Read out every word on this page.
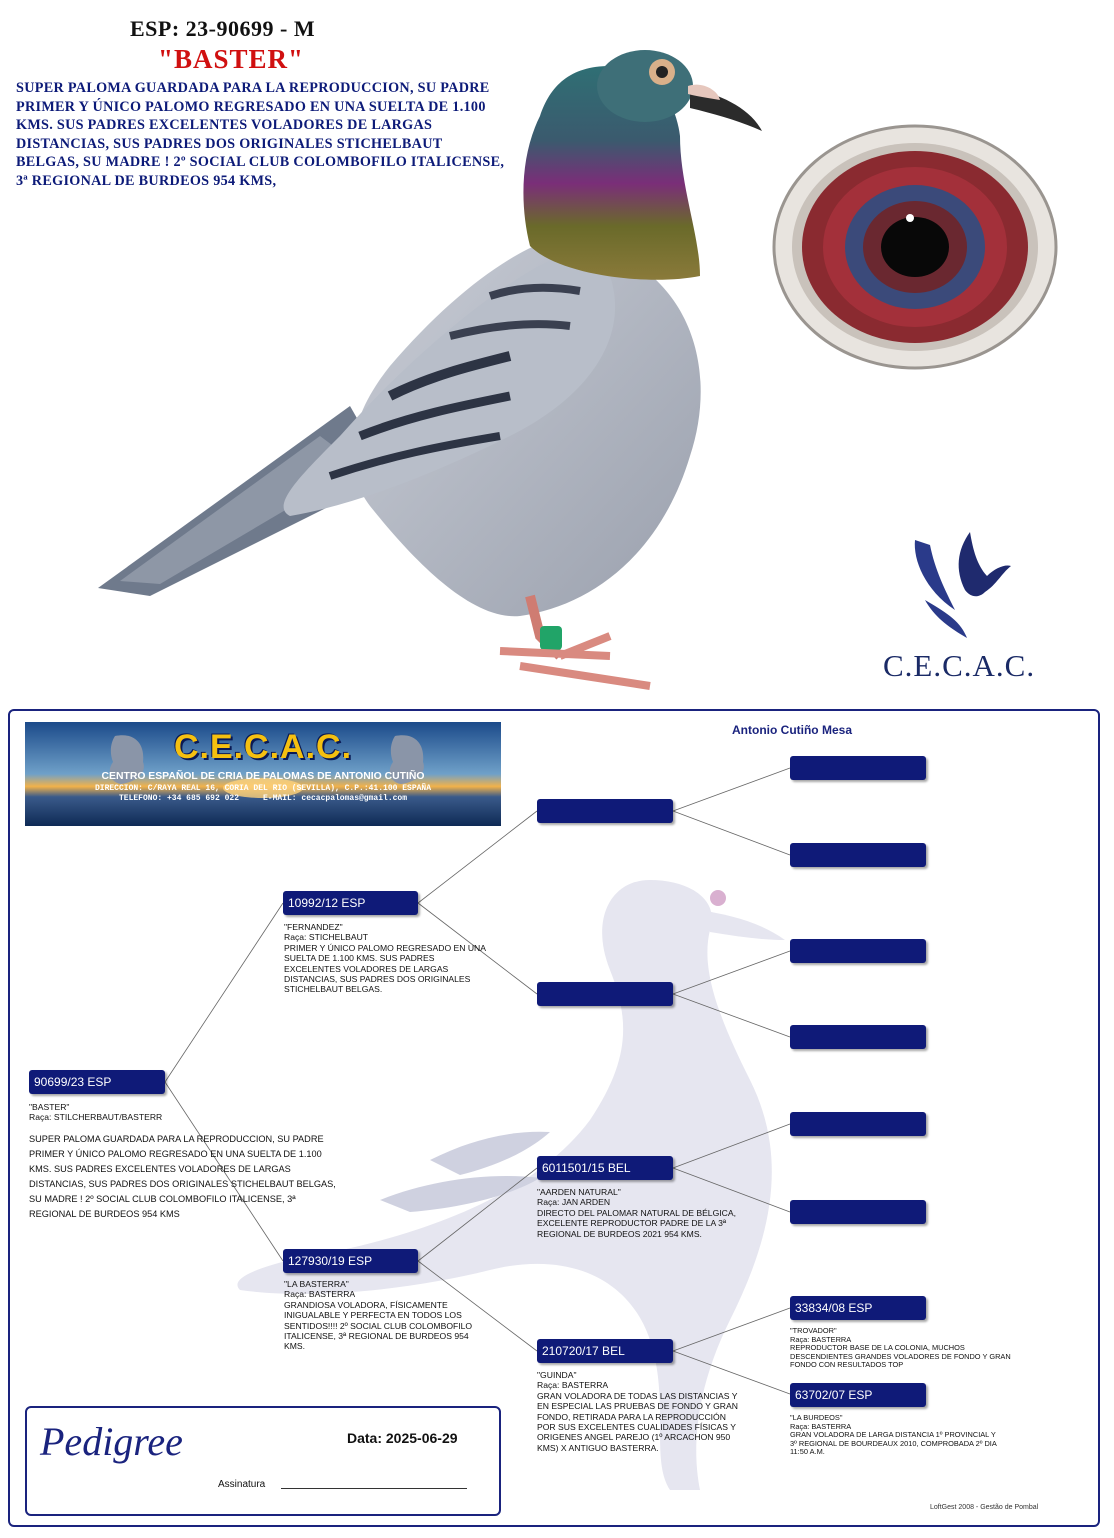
ESP: 23-90699 - M
"BASTER"
SUPER PALOMA GUARDADA PARA LA REPRODUCCION, SU PADRE PRIMER Y ÚNICO PALOMO REGRESADO EN UNA SUELTA DE 1.100 KMS. SUS PADRES EXCELENTES VOLADORES DE LARGAS DISTANCIAS, SUS PADRES DOS ORIGINALES STICHELBAUT BELGAS, SU MADRE ! 2º SOCIAL CLUB COLOMBOFILO ITALICENSE, 3ª REGIONAL DE BURDEOS 954 KMS,
C.E.C.A.C.
C.E.C.A.C.
CENTRO ESPAÑOL DE CRIA DE PALOMAS DE ANTONIO CUTIÑO
DIRECCION: C/RAYA REAL 16, CORIA DEL RIO (SEVILLA), C.P.:41.100 ESPAÑA
TELEFONO: +34 685 692 022     E-MAIL: cecacpalomas@gmail.com
Antonio Cutiño Mesa
90699/23 ESP
"BASTER"
Raça: STILCHERBAUT/BASTERR
SUPER PALOMA GUARDADA PARA LA REPRODUCCION, SU PADRE PRIMER Y ÚNICO PALOMO REGRESADO EN UNA SUELTA DE 1.100 KMS. SUS PADRES EXCELENTES VOLADORES DE LARGAS DISTANCIAS, SUS PADRES DOS ORIGINALES STICHELBAUT BELGAS, SU MADRE ! 2º SOCIAL CLUB COLOMBOFILO ITALICENSE, 3ª REGIONAL DE BURDEOS 954 KMS
10992/12 ESP
"FERNANDEZ"
Raça: STICHELBAUT
PRIMER Y ÚNICO PALOMO REGRESADO EN UNA
SUELTA DE 1.100 KMS. SUS PADRES
EXCELENTES VOLADORES DE LARGAS
DISTANCIAS, SUS PADRES DOS ORIGINALES
STICHELBAUT BELGAS.
127930/19 ESP
"LA BASTERRA"
Raça: BASTERRA
GRANDIOSA VOLADORA, FÍSICAMENTE
INIGUALABLE Y PERFECTA EN TODOS LOS
SENTIDOS!!!! 2º SOCIAL CLUB COLOMBOFILO
ITALICENSE, 3ª REGIONAL DE BURDEOS 954
KMS.
6011501/15 BEL
"AARDEN NATURAL"
Raça: JAN ARDEN
DIRECTO DEL PALOMAR NATURAL DE BÉLGICA,
EXCELENTE REPRODUCTOR PADRE DE LA 3ª
REGIONAL DE BURDEOS 2021 954 KMS.
210720/17 BEL
"GUINDA"
Raça: BASTERRA
GRAN VOLADORA DE TODAS LAS DISTANCIAS Y
EN ESPECIAL LAS PRUEBAS DE FONDO Y GRAN
FONDO, RETIRADA PARA LA REPRODUCCIÓN
POR SUS EXCELENTES CUALIDADES FÍSICAS Y
ORIGENES ANGEL PAREJO (1º ARCACHON 950
KMS) X ANTIGUO BASTERRA.
33834/08 ESP
"TROVADOR"
Raça: BASTERRA
REPRODUCTOR BASE DE LA COLONIA, MUCHOS
DESCENDIENTES GRANDES VOLADORES DE FONDO Y GRAN
FONDO CON RESULTADOS TOP
63702/07 ESP
"LA BURDEOS"
Raça: BASTERRA
GRAN VOLADORA DE LARGA DISTANCIA 1º PROVINCIAL Y
3º REGIONAL DE BOURDEAUX 2010, COMPROBADA 2º DIA
11:50 A.M.
Pedigree	Data: 2025-06-29
Assinatura
LoftGest 2008 - Gestão de Pombal
